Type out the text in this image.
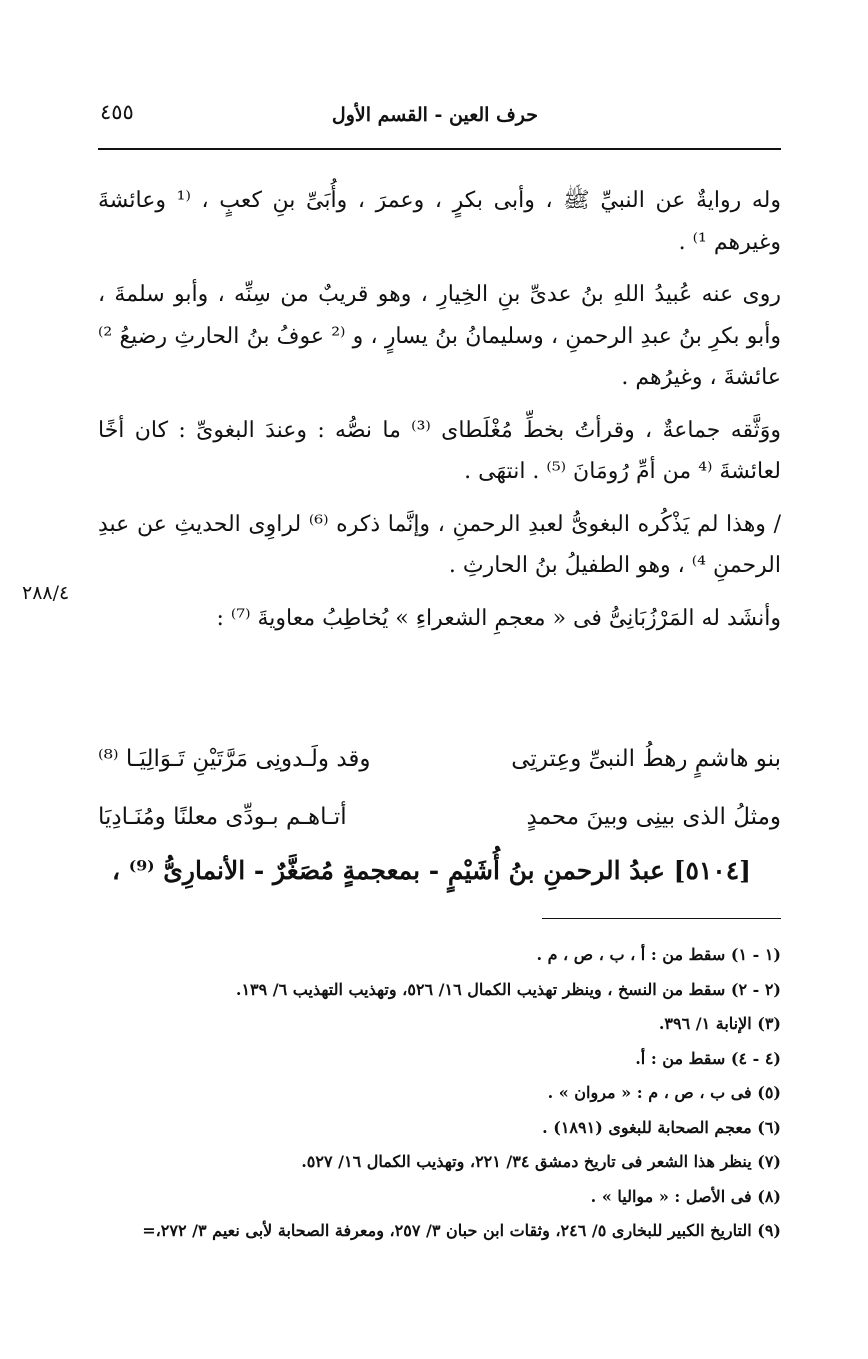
حرف العين - القسم الأول
٤٥٥

وله روايةٌ عن النبيِّ ﷺ ، وأبى بكرٍ ، وعمرَ ، وأُبَىِّ بنِ كعبٍ ، ⁽¹ وعائشةَ وغيرهم ¹⁾ .

روى عنه عُبيدُ اللهِ بنُ عدىِّ بنِ الخِيارِ ، وهو قريبٌ من سِنِّه ، وأبو سلمةَ ، وأبو بكرِ بنُ عبدِ الرحمنِ ، وسليمانُ بنُ يسارٍ ، و ⁽² عوفُ بنُ الحارثِ رضيعُ ²⁾ عائشةَ ، وغيرُهم .

ووَثَّقه جماعةٌ ، وقرأتُ بخطِّ مُغْلَطاى ⁽³⁾ ما نصُّه : وعندَ البغوىِّ : كان أخًا لعائشةَ ⁽⁴ من أمِّ رُومَانَ ⁽⁵⁾ . انتهَى .

/ وهذا لم يَذْكُره البغوىُّ لعبدِ الرحمنِ ، وإنَّما ذكره ⁽⁶⁾ لراوِى الحديثِ عن عبدِ الرحمنِ ⁴⁾ ، وهو الطفيلُ بنُ الحارثِ .

وأنشَد له المَرْزُبَانِىُّ فى « معجمِ الشعراءِ » يُخاطِبُ معاويةَ ⁽⁷⁾ :

٢٨٨/٤
بنو هاشمٍ رهطُ النبىِّ وعِترتِى
وقد ولَـدونِى مَرَّتَيْنِ تَـوَالِيَـا ⁽⁸⁾
ومثلُ الذى بينِى وبينَ محمدٍ
أتـاهـم بـودِّى معلنًا ومُنَـادِيَا
[٥١٠٤] عبدُ الرحمنِ بنُ أُشَيْمٍ - بمعجمةٍ مُصَغَّرٌ - الأنمارِىُّ ⁽⁹⁾ ،
(١ - ١) سقط من : أ ، ب ، ص ، م .
(٢ - ٢) سقط من النسخ ، وينظر تهذيب الكمال ١٦/ ٥٢٦، وتهذيب التهذيب ٦/ ١٣٩.
(٣) الإنابة ١/ ٣٩٦.
(٤ - ٤) سقط من : أ.
(٥) فى ب ، ص ، م : « مروان » .
(٦) معجم الصحابة للبغوى (١٨٩١) .
(٧) ينظر هذا الشعر فى تاريخ دمشق ٣٤/ ٢٢١، وتهذيب الكمال ١٦/ ٥٢٧.
(٨) فى الأصل : « مواليا » .
(٩) التاريخ الكبير للبخارى ٥/ ٢٤٦، وثقات ابن حبان ٣/ ٢٥٧، ومعرفة الصحابة لأبى نعيم ٣/ ٢٧٢،=
